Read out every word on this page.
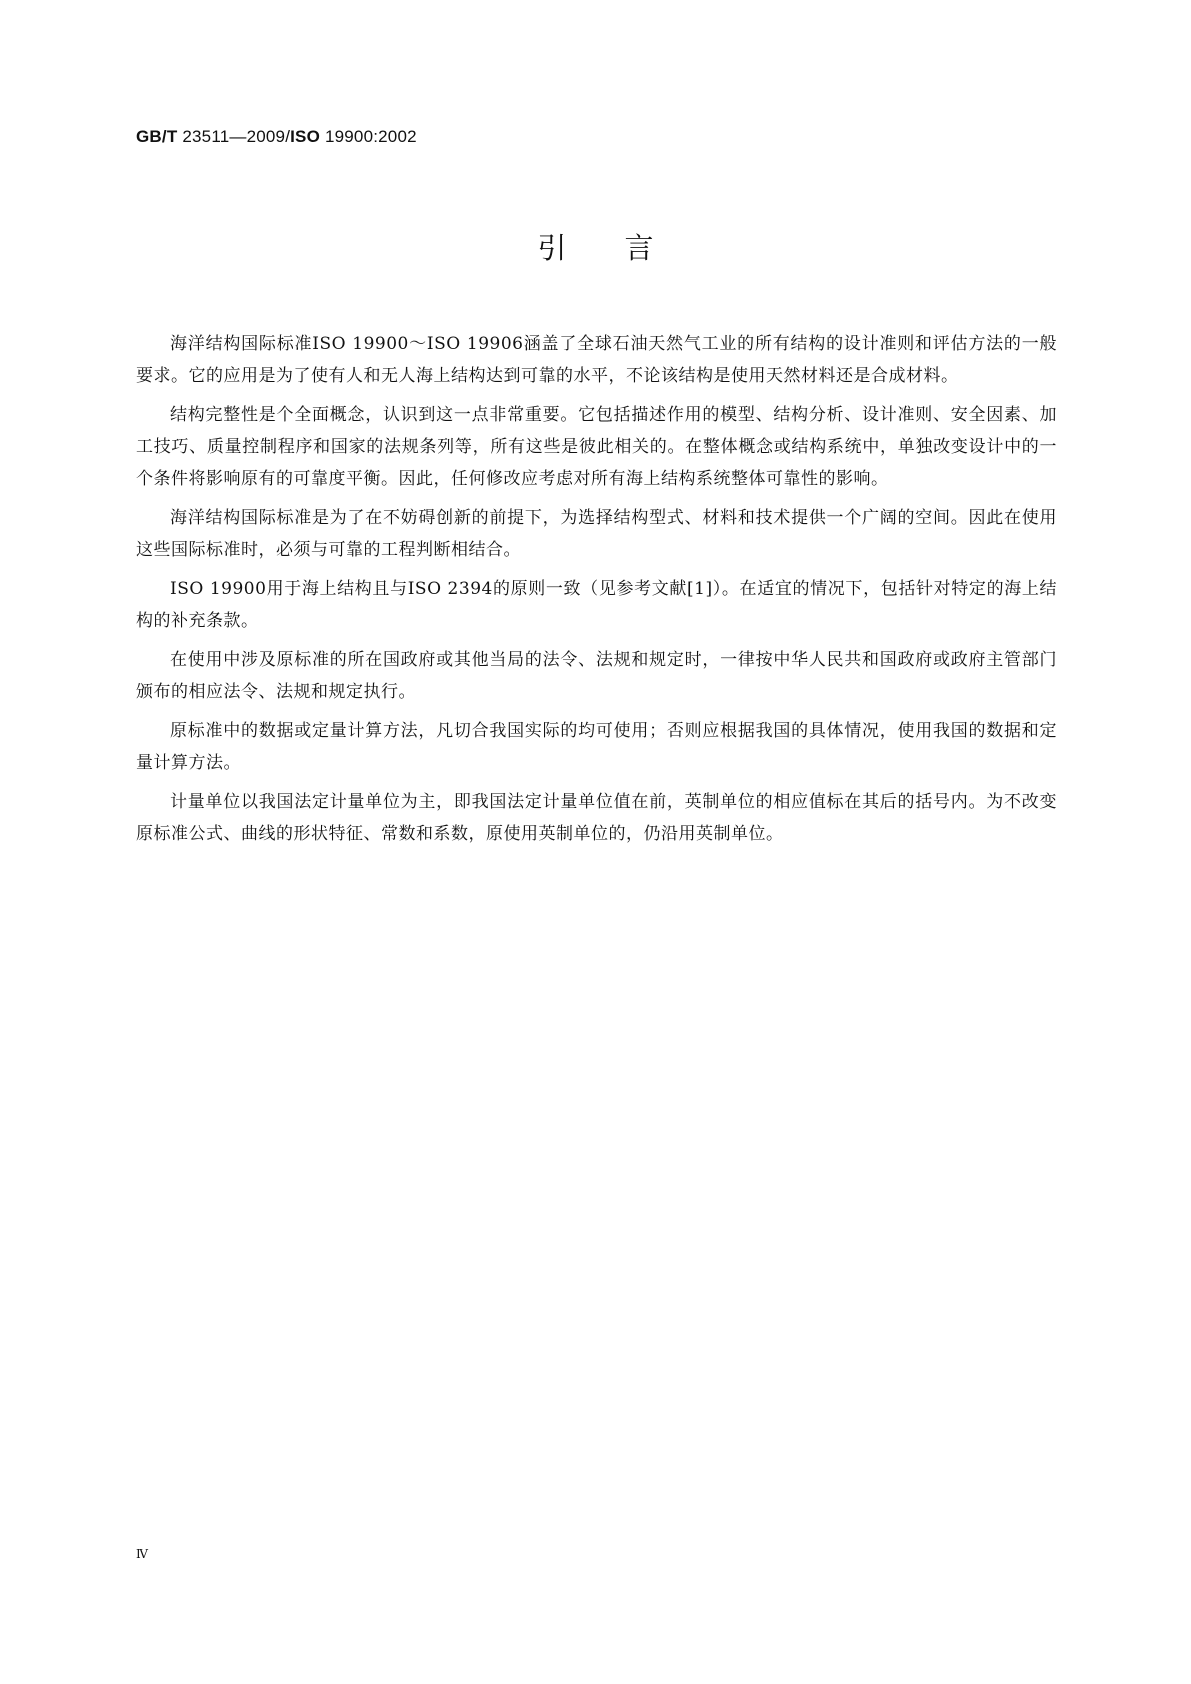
GB/T 23511—2009/ISO 19900:2002
引言

海洋结构国际标准ISO 19900～ISO 19906涵盖了全球石油天然气工业的所有结构的设计准则和评估方法的一般要求。它的应用是为了使有人和无人海上结构达到可靠的水平，不论该结构是使用天然材料还是合成材料。

结构完整性是个全面概念，认识到这一点非常重要。它包括描述作用的模型、结构分析、设计准则、安全因素、加工技巧、质量控制程序和国家的法规条列等，所有这些是彼此相关的。在整体概念或结构系统中，单独改变设计中的一个条件将影响原有的可靠度平衡。因此，任何修改应考虑对所有海上结构系统整体可靠性的影响。

海洋结构国际标准是为了在不妨碍创新的前提下，为选择结构型式、材料和技术提供一个广阔的空间。因此在使用这些国际标准时，必须与可靠的工程判断相结合。

ISO 19900用于海上结构且与ISO 2394的原则一致（见参考文献[1]）。在适宜的情况下，包括针对特定的海上结构的补充条款。

在使用中涉及原标准的所在国政府或其他当局的法令、法规和规定时，一律按中华人民共和国政府或政府主管部门颁布的相应法令、法规和规定执行。

原标准中的数据或定量计算方法，凡切合我国实际的均可使用；否则应根据我国的具体情况，使用我国的数据和定量计算方法。

计量单位以我国法定计量单位为主，即我国法定计量单位值在前，英制单位的相应值标在其后的括号内。为不改变原标准公式、曲线的形状特征、常数和系数，原使用英制单位的，仍沿用英制单位。

Ⅳ
